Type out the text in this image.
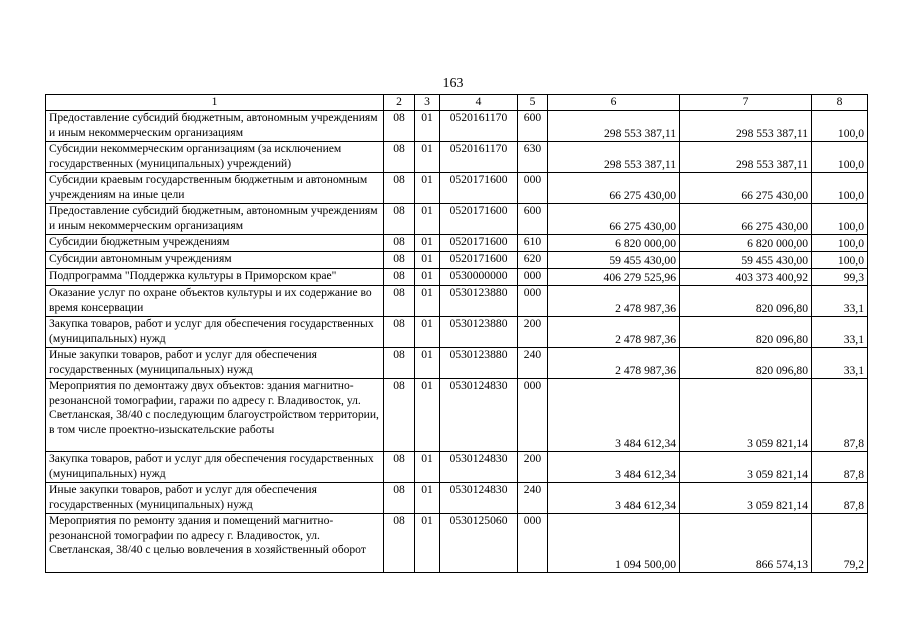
163
1	2	3	4	5	6	7	8
Предоставление субсидий бюджетным, автономным учреждениям и иным некоммерческим организациям	08	01	0520161170	600	298 553 387,11	298 553 387,11	100,0
Субсидии некоммерческим организациям (за исключением государственных (муниципальных) учреждений)	08	01	0520161170	630	298 553 387,11	298 553 387,11	100,0
Субсидии краевым государственным бюджетным и автономным учреждениям на иные цели	08	01	0520171600	000	66 275 430,00	66 275 430,00	100,0
Предоставление субсидий бюджетным, автономным учреждениям и иным некоммерческим организациям	08	01	0520171600	600	66 275 430,00	66 275 430,00	100,0
Субсидии бюджетным учреждениям	08	01	0520171600	610	6 820 000,00	6 820 000,00	100,0
Субсидии автономным учреждениям	08	01	0520171600	620	59 455 430,00	59 455 430,00	100,0
Подпрограмма "Поддержка культуры в Приморском крае"	08	01	0530000000	000	406 279 525,96	403 373 400,92	99,3
Оказание услуг по охране объектов культуры и их содержание во время консервации	08	01	0530123880	000	2 478 987,36	820 096,80	33,1
Закупка товаров, работ и услуг для обеспечения государственных (муниципальных) нужд	08	01	0530123880	200	2 478 987,36	820 096,80	33,1
Иные закупки товаров, работ и услуг для обеспечения государственных (муниципальных) нужд	08	01	0530123880	240	2 478 987,36	820 096,80	33,1
Мероприятия по демонтажу двух объектов: здания магнитно-резонансной томографии, гаражи по адресу г. Владивосток, ул. Светланская, 38/40 с последующим благоустройством территории, в том числе проектно-изыскательские работы	08	01	0530124830	000	3 484 612,34	3 059 821,14	87,8
Закупка товаров, работ и услуг для обеспечения государственных (муниципальных) нужд	08	01	0530124830	200	3 484 612,34	3 059 821,14	87,8
Иные закупки товаров, работ и услуг для обеспечения государственных (муниципальных) нужд	08	01	0530124830	240	3 484 612,34	3 059 821,14	87,8
Мероприятия по ремонту здания и помещений магнитно-резонансной томографии по адресу г. Владивосток, ул. Светланская, 38/40 с целью вовлечения в хозяйственный оборот	08	01	0530125060	000	1 094 500,00	866 574,13	79,2
